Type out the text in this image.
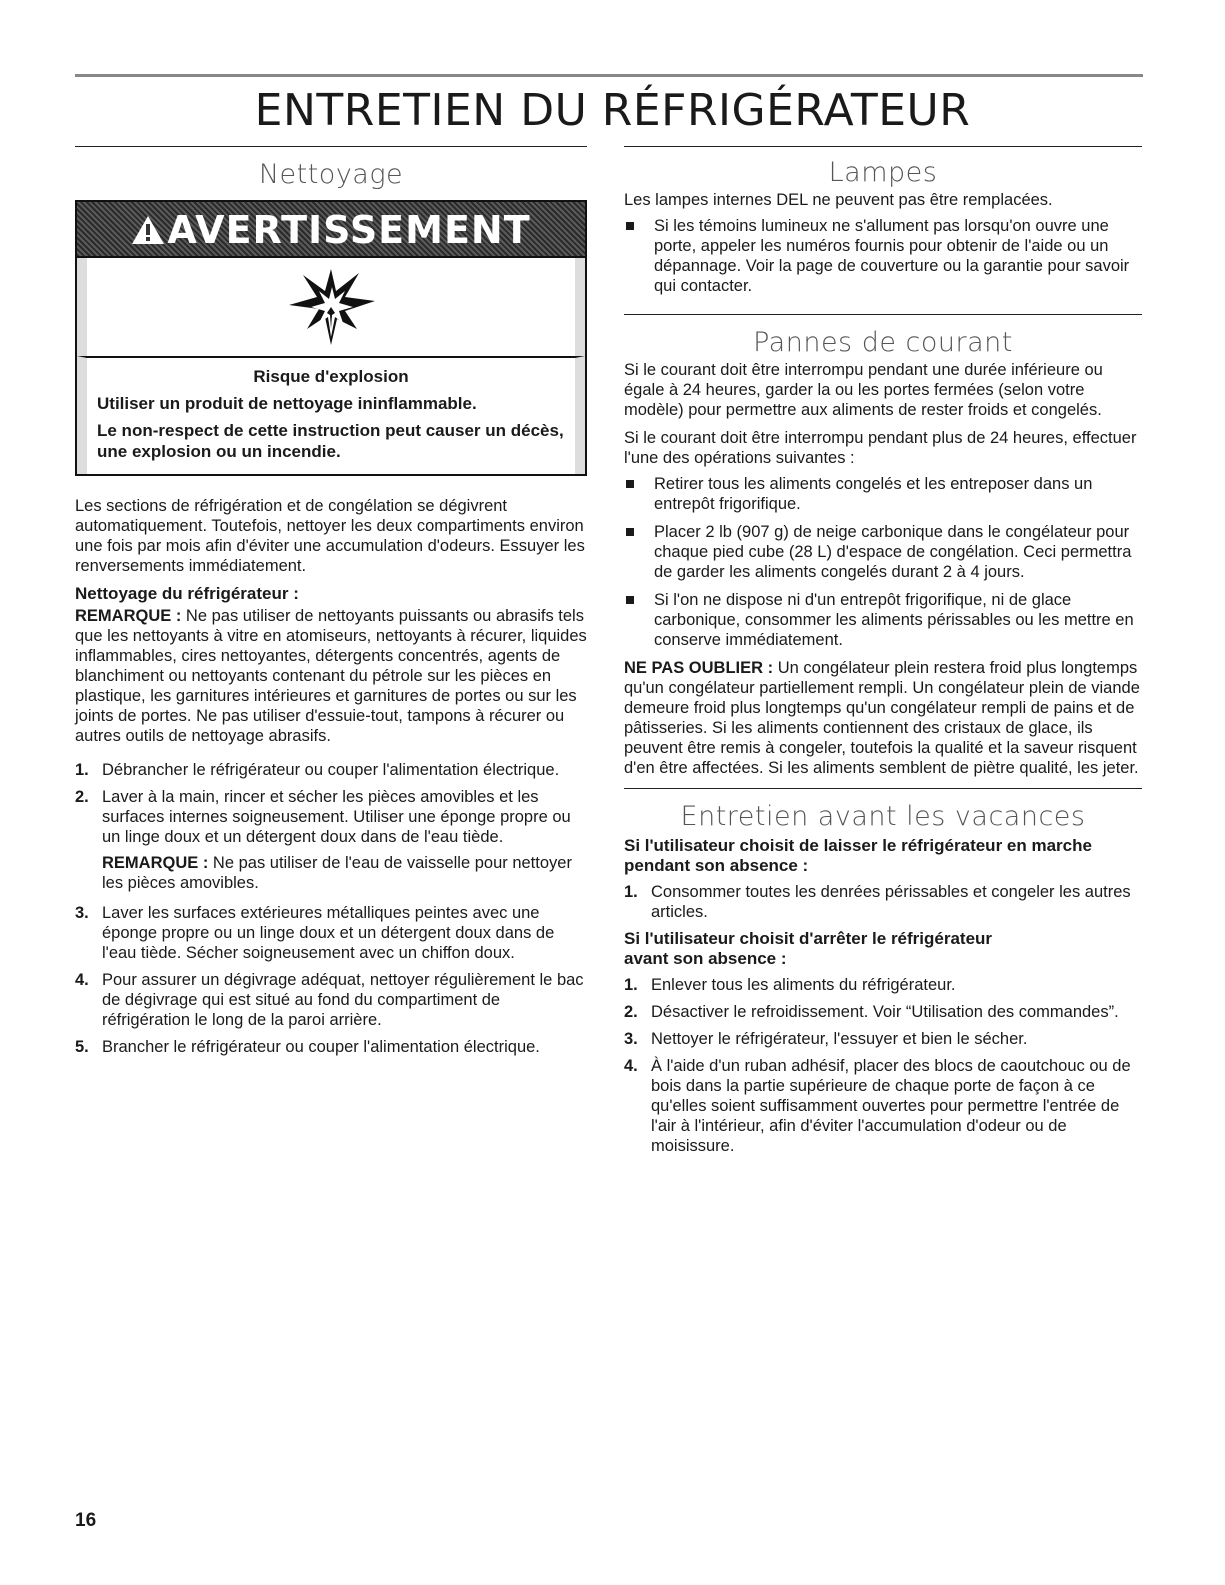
ENTRETIEN DU RÉFRIGÉRATEUR
Nettoyage
AVERTISSEMENT

Risque d'explosion

Utiliser un produit de nettoyage ininflammable.

Le non-respect de cette instruction peut causer un décès, une explosion ou un incendie.

Les sections de réfrigération et de congélation se dégivrent automatiquement. Toutefois, nettoyer les deux compartiments environ une fois par mois afin d'éviter une accumulation d'odeurs. Essuyer les renversements immédiatement.

Nettoyage du réfrigérateur :

REMARQUE : Ne pas utiliser de nettoyants puissants ou abrasifs tels que les nettoyants à vitre en atomiseurs, nettoyants à récurer, liquides inflammables, cires nettoyantes, détergents concentrés, agents de blanchiment ou nettoyants contenant du pétrole sur les pièces en plastique, les garnitures intérieures et garnitures de portes ou sur les joints de portes. Ne pas utiliser d'essuie-tout, tampons à récurer ou autres outils de nettoyage abrasifs.

1. Débrancher le réfrigérateur ou couper l'alimentation électrique.
2. Laver à la main, rincer et sécher les pièces amovibles et les surfaces internes soigneusement. Utiliser une éponge propre ou un linge doux et un détergent doux dans de l'eau tiède.

REMARQUE : Ne pas utiliser de l'eau de vaisselle pour nettoyer les pièces amovibles.

3. Laver les surfaces extérieures métalliques peintes avec une éponge propre ou un linge doux et un détergent doux dans de l'eau tiède. Sécher soigneusement avec un chiffon doux.
4. Pour assurer un dégivrage adéquat, nettoyer régulièrement le bac de dégivrage qui est situé au fond du compartiment de réfrigération le long de la paroi arrière.
5. Brancher le réfrigérateur ou couper l'alimentation électrique.
Lampes

Les lampes internes DEL ne peuvent pas être remplacées.

Si les témoins lumineux ne s'allument pas lorsqu'on ouvre une porte, appeler les numéros fournis pour obtenir de l'aide ou un dépannage. Voir la page de couverture ou la garantie pour savoir qui contacter.
Pannes de courant

Si le courant doit être interrompu pendant une durée inférieure ou égale à 24 heures, garder la ou les portes fermées (selon votre modèle) pour permettre aux aliments de rester froids et congelés.

Si le courant doit être interrompu pendant plus de 24 heures, effectuer l'une des opérations suivantes :

Retirer tous les aliments congelés et les entreposer dans un entrepôt frigorifique.
Placer 2 lb (907 g) de neige carbonique dans le congélateur pour chaque pied cube (28 L) d'espace de congélation. Ceci permettra de garder les aliments congelés durant 2 à 4 jours.
Si l'on ne dispose ni d'un entrepôt frigorifique, ni de glace carbonique, consommer les aliments périssables ou les mettre en conserve immédiatement.

NE PAS OUBLIER : Un congélateur plein restera froid plus longtemps qu'un congélateur partiellement rempli. Un congélateur plein de viande demeure froid plus longtemps qu'un congélateur rempli de pains et de pâtisseries. Si les aliments contiennent des cristaux de glace, ils peuvent être remis à congeler, toutefois la qualité et la saveur risquent d'en être affectées. Si les aliments semblent de piètre qualité, les jeter.

Entretien avant les vacances
Si l'utilisateur choisit de laisser le réfrigérateur en marche pendant son absence :
1. Consommer toutes les denrées périssables et congeler les autres articles.
Si l'utilisateur choisit d'arrêter le réfrigérateur
avant son absence :
1. Enlever tous les aliments du réfrigérateur.
2. Désactiver le refroidissement. Voir “Utilisation des commandes”.
3. Nettoyer le réfrigérateur, l'essuyer et bien le sécher.
4. À l'aide d'un ruban adhésif, placer des blocs de caoutchouc ou de bois dans la partie supérieure de chaque porte de façon à ce qu'elles soient suffisamment ouvertes pour permettre l'entrée de l'air à l'intérieur, afin d'éviter l'accumulation d'odeur ou de moisissure.
16
